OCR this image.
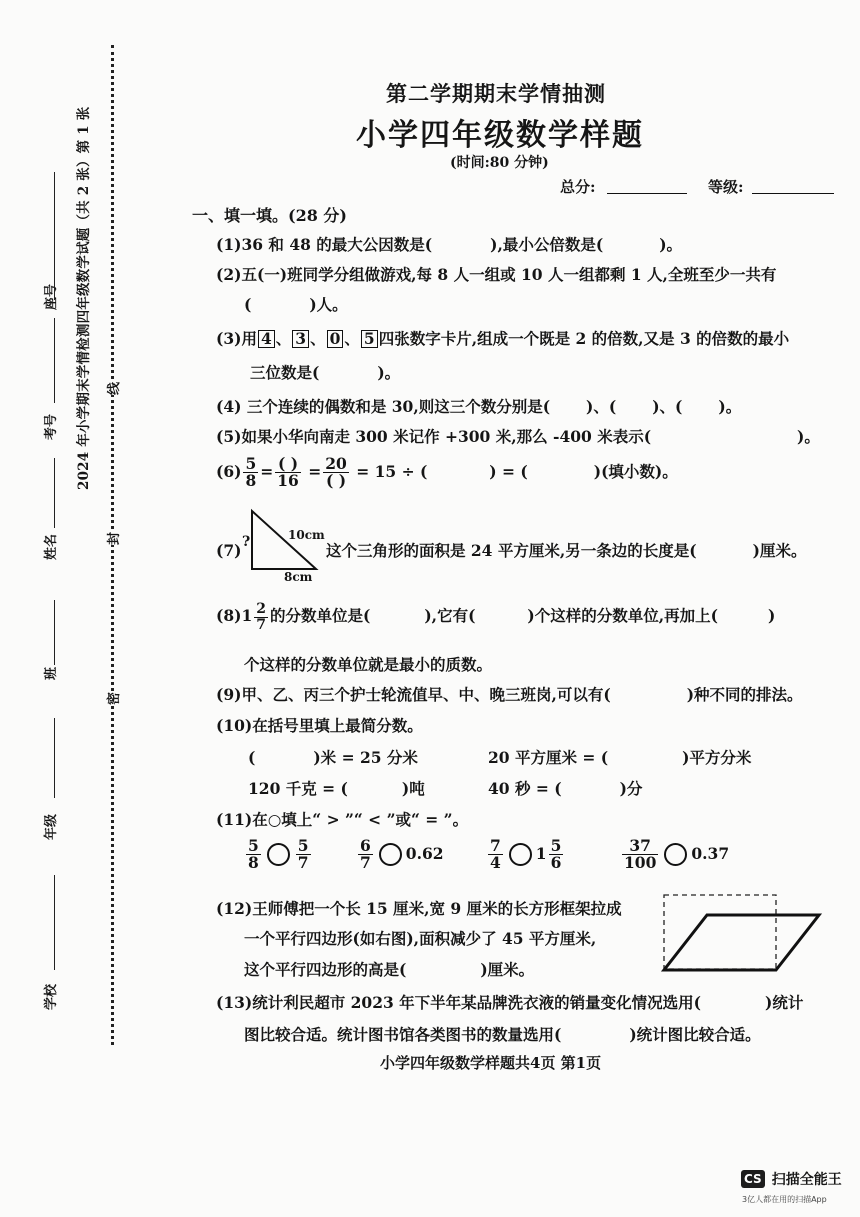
2024 年小学期末学情检测四年级数学试题（共 2 张）第 1 张
座号
考号
姓名
班
年级
学校
线
封
密
第二学期期末学情抽测
小学四年级数学样题
(时间:80 分钟)
总分:	等级:
一、填一填。(28 分)
(1)36 和 48 的最大公因数是(	),最小公倍数是(	)。
(2)五(一)班同学分组做游戏,每 8 人一组或 10 人一组都剩 1 人,全班至少一共有
(	)人。
(3)用 4 、 3 、 0 、 5 四张数字卡片,组成一个既是 2 的倍数,又是 3 的倍数的最小
三位数是(	)。
(4) 三个连续的偶数和是 30,则这三个数分别是( )、( )、( )。
(5)如果小华向南走 300 米记作 +300 米,那么 -400 米表示(	)。
$(6) \frac{5}{8} = \frac{( )}{16} = \frac{20}{( )} = 15$ ÷ (	) = (	)(填小数)。
(7) ?	10cm
8cm
这个三角形的面积是 24 平方厘米,另一条边的长度是(	)厘米。
$(8)1 \frac{2}{7}$ 的分数单位是(	),它有(	)个这样的分数单位,再加上(	)
个这样的分数单位就是最小的质数。
(9)甲、乙、丙三个护士轮流值早、中、晚三班岗,可以有(	)种不同的排法。
(10)在括号里填上最简分数。
(	)米 = 25 分米	20 平方厘米 = (	)平方分米
120 千克 = (	)吨	40 秒 = (	)分
(11)在○填上“ > ”“ < ”或“ = ”。
$\frac{5}{8} \frac{5}{7}$	$\frac{6}{7} 0.62$	$\frac{7}{4} 1 \frac{5}{6}$	$\frac{37}{100} 0.37$
(12)王师傅把一个长 15 厘米,宽 9 厘米的长方形框架拉成
一个平行四边形(如右图),面积减少了 45 平方厘米,
这个平行四边形的高是(	)厘米。
(13)统计利民超市 2023 年下半年某品牌洗衣液的销量变化情况选用(	)统计
图比较合适。统计图书馆各类图书的数量选用(	)统计图比较合适。
小学四年级数学样题共4页 第1页
CS 扫描全能王
3亿人都在用的扫描App
